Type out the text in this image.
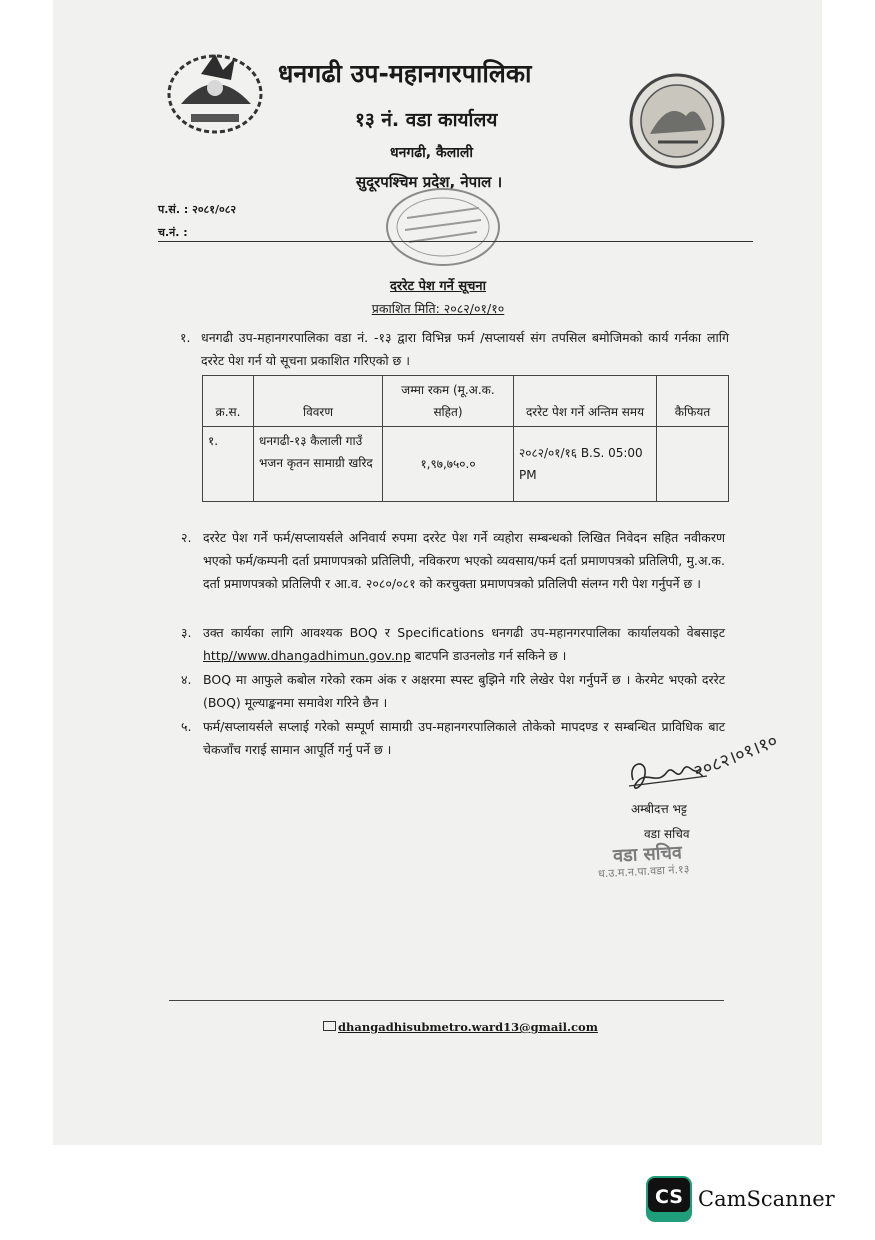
धनगढी उप-महानगरपालिका
१३ नं. वडा कार्यालय
धनगढी, कैलाली
सुदूरपश्चिम प्रदेश, नेपाल ।
प.सं. : २०८१/०८२
च.नं. :
दररेट पेश गर्ने सूचना
प्रकाशित मिति: २०८२/०१/१०
१. धनगढी उप-महानगरपालिका वडा नं. -१३ द्वारा विभिन्न फर्म /सप्लायर्स संग तपसिल बमोजिमको कार्य गर्नका लागि दररेट पेश गर्न यो सूचना प्रकाशित गरिएको छ ।
क्र.स.	विवरण	जम्मा रकम (मू.अ.क. सहित)	दररेट पेश गर्ने अन्तिम समय	कैफियत
१.	धनगढी-१३ कैलाली गाउँ भजन कृतन सामाग्री खरिद	१,९७,७५०.०	२०८२/०१/१६ B.S. 05:00 PM	
२. दररेट पेश गर्ने फर्म/सप्लायर्सले अनिवार्य रुपमा दररेट पेश गर्ने व्यहोरा सम्बन्धको लिखित निवेदन सहित नवीकरण भएको फर्म/कम्पनी दर्ता प्रमाणपत्रको प्रतिलिपी, नविकरण भएको व्यवसाय/फर्म दर्ता प्रमाणपत्रको प्रतिलिपी, मु.अ.क. दर्ता प्रमाणपत्रको प्रतिलिपी र आ.व. २०८०/०८१ को करचुक्ता प्रमाणपत्रको प्रतिलिपी संलग्न गरी पेश गर्नुपर्ने छ ।
३. उक्त कार्यका लागि आवश्यक BOQ र Specifications धनगढी उप-महानगरपालिका कार्यालयको वेबसाइट http//www.dhangadhimun.gov.np बाटपनि डाउनलोड गर्न सकिने छ ।
४. BOQ मा आफुले कबोल गरेको रकम अंक र अक्षरमा स्पस्ट बुझिने गरि लेखेर पेश गर्नुपर्ने छ । केरमेट भएको दररेट (BOQ) मूल्याङ्कनमा समावेश गरिने छैन ।
५. फर्म/सप्लायर्सले सप्लाई गरेको सम्पूर्ण सामाग्री उप-महानगरपालिकाले तोकेको मापदण्ड र सम्बन्धित प्राविधिक बाट चेकजाँच गराई सामान आपूर्ति गर्नु पर्ने छ ।	२०८२।०१।१०
अम्बीदत्त भट्ट
वडा सचिव
वडा सचिव
ध.उ.म.न.पा.वडा नं.१३
dhangadhisubmetro.ward13@gmail.com
CS CamScanner
